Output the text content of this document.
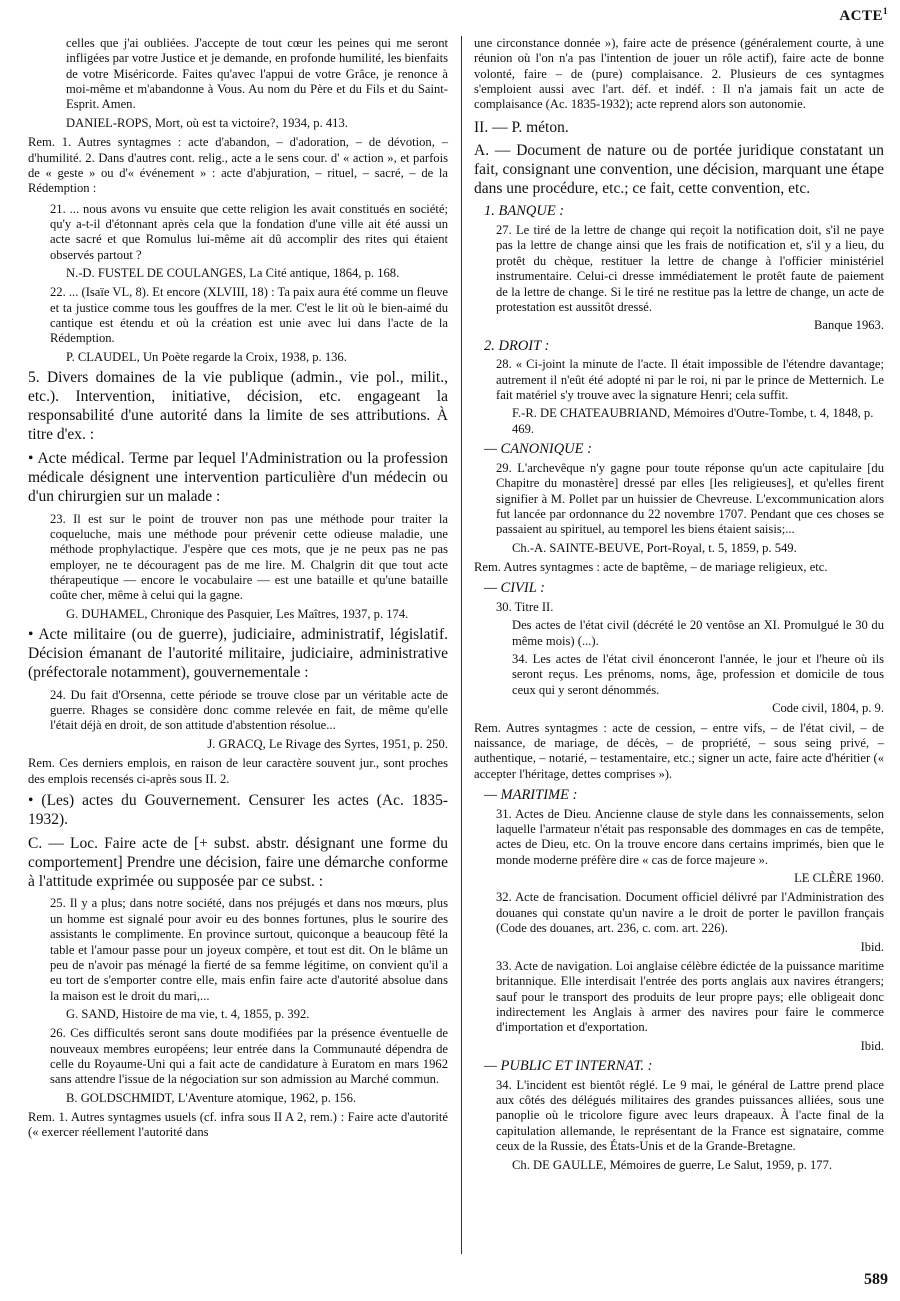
ACTE$^1$

celles que j'ai oubliées. J'accepte de tout cœur les peines qui me seront infligées par votre Justice et je demande, en profonde humilité, les bienfaits de votre Miséricorde. Faites qu'avec l'appui de votre Grâce, je renonce à moi-même et m'abandonne à Vous. Au nom du Père et du Fils et du Saint-Esprit. Amen.

DANIEL-ROPS, Mort, où est ta victoire?, 1934, p. 413.

Rem. 1. Autres syntagmes : acte d'abandon, – d'adoration, – de dévotion, – d'humilité. 2. Dans d'autres cont. relig., acte a le sens cour. d' « action », et parfois de « geste » ou d'« événement » : acte d'abjuration, – rituel, – sacré, – de la Rédemption :

21. ... nous avons vu ensuite que cette religion les avait constitués en société; qu'y a-t-il d'étonnant après cela que la fondation d'une ville ait été aussi un acte sacré et que Romulus lui-même ait dû accomplir des rites qui étaient observés partout ?

N.-D. FUSTEL DE COULANGES, La Cité antique, 1864, p. 168.

22. ... (Isaïe VL, 8). Et encore (XLVIII, 18) : Ta paix aura été comme un fleuve et ta justice comme tous les gouffres de la mer. C'est le lit où le bien-aimé du cantique est étendu et où la création est unie avec lui dans l'acte de la Rédemption.

P. CLAUDEL, Un Poète regarde la Croix, 1938, p. 136.

5. Divers domaines de la vie publique (admin., vie pol., milit., etc.). Intervention, initiative, décision, etc. engageant la responsabilité d'une autorité dans la limite de ses attributions. À titre d'ex. :

• Acte médical. Terme par lequel l'Administration ou la profession médicale désignent une intervention particulière d'un médecin ou d'un chirurgien sur un malade :

23. Il est sur le point de trouver non pas une méthode pour traiter la coqueluche, mais une méthode pour prévenir cette odieuse maladie, une méthode prophylactique. J'espère que ces mots, que je ne peux pas ne pas employer, ne te découragent pas de me lire. M. Chalgrin dit que tout acte thérapeutique — encore le vocabulaire — est une bataille et qu'une bataille coûte cher, même à celui qui la gagne.

G. DUHAMEL, Chronique des Pasquier, Les Maîtres, 1937, p. 174.

• Acte militaire (ou de guerre), judiciaire, administratif, législatif. Décision émanant de l'autorité militaire, judiciaire, administrative (préfectorale notamment), gouvernementale :

24. Du fait d'Orsenna, cette période se trouve close par un véritable acte de guerre. Rhages se considère donc comme relevée en fait, de même qu'elle l'était déjà en droit, de son attitude d'abstention résolue...

J. GRACQ, Le Rivage des Syrtes, 1951, p. 250.

Rem. Ces derniers emplois, en raison de leur caractère souvent jur., sont proches des emplois recensés ci-après sous II. 2.

• (Les) actes du Gouvernement. Censurer les actes (Ac. 1835-1932).

C. — Loc. Faire acte de [+ subst. abstr. désignant une forme du comportement] Prendre une décision, faire une démarche conforme à l'attitude exprimée ou supposée par ce subst. :

25. Il y a plus; dans notre société, dans nos préjugés et dans nos mœurs, plus un homme est signalé pour avoir eu des bonnes fortunes, plus le sourire des assistants le complimente. En province surtout, quiconque a beaucoup fêté la table et l'amour passe pour un joyeux compère, et tout est dit. On le blâme un peu de n'avoir pas ménagé la fierté de sa femme légitime, on convient qu'il a eu tort de s'emporter contre elle, mais enfin faire acte d'autorité absolue dans la maison est le droit du mari,...

G. SAND, Histoire de ma vie, t. 4, 1855, p. 392.

26. Ces difficultés seront sans doute modifiées par la présence éventuelle de nouveaux membres européens; leur entrée dans la Communauté dépendra de celle du Royaume-Uni qui a fait acte de candidature à Euratom en mars 1962 sans attendre l'issue de la négociation sur son admission au Marché commun.

B. GOLDSCHMIDT, L'Aventure atomique, 1962, p. 156.

Rem. 1. Autres syntagmes usuels (cf. infra sous II A 2, rem.) : Faire acte d'autorité (« exercer réellement l'autorité dans

une circonstance donnée »), faire acte de présence (généralement courte, à une réunion où l'on n'a pas l'intention de jouer un rôle actif), faire acte de bonne volonté, faire – de (pure) complaisance. 2. Plusieurs de ces syntagmes s'emploient aussi avec l'art. déf. et indéf. : Il n'a jamais fait un acte de complaisance (Ac. 1835-1932); acte reprend alors son autonomie.

II. — P. méton.

A. — Document de nature ou de portée juridique constatant un fait, consignant une convention, une décision, marquant une étape dans une procédure, etc.; ce fait, cette convention, etc.

1. BANQUE :

27. Le tiré de la lettre de change qui reçoit la notification doit, s'il ne paye pas la lettre de change ainsi que les frais de notification et, s'il y a lieu, du protêt du chèque, restituer la lettre de change à l'officier ministériel instrumentaire. Celui-ci dresse immédiatement le protêt faute de paiement de la lettre de change. Si le tiré ne restitue pas la lettre de change, un acte de protestation est aussitôt dressé.

Banque 1963.

2. DROIT :

28. « Ci-joint la minute de l'acte. Il était impossible de l'étendre davantage; autrement il n'eût été adopté ni par le roi, ni par le prince de Metternich. Le fait matériel s'y trouve avec la signature Henri; cela suffit.

F.-R. DE CHATEAUBRIAND, Mémoires d'Outre-Tombe, t. 4, 1848, p. 469.

— CANONIQUE :

29. L'archevêque n'y gagne pour toute réponse qu'un acte capitulaire [du Chapitre du monastère] dressé par elles [les religieuses], et qu'elles firent signifier à M. Pollet par un huissier de Chevreuse. L'excommunication alors fut lancée par ordonnance du 22 novembre 1707. Pendant que ces choses se passaient au spirituel, au temporel les biens étaient saisis;...

Ch.-A. SAINTE-BEUVE, Port-Royal, t. 5, 1859, p. 549.

Rem. Autres syntagmes : acte de baptême, – de mariage religieux, etc.

— CIVIL :

30. Titre II.

Des actes de l'état civil (décrété le 20 ventôse an XI. Promulgué le 30 du même mois) (...).

34. Les actes de l'état civil énonceront l'année, le jour et l'heure où ils seront reçus. Les prénoms, noms, âge, profession et domicile de tous ceux qui y seront dénommés.

Code civil, 1804, p. 9.

Rem. Autres syntagmes : acte de cession, – entre vifs, – de l'état civil, – de naissance, de mariage, de décès, – de propriété, – sous seing privé, – authentique, – notarié, – testamentaire, etc.; signer un acte, faire acte d'héritier (« accepter l'héritage, dettes comprises »).

— MARITIME :

31. Actes de Dieu. Ancienne clause de style dans les connaissements, selon laquelle l'armateur n'était pas responsable des dommages en cas de tempête, actes de Dieu, etc. On la trouve encore dans certains imprimés, bien que le monde moderne préfère dire « cas de force majeure ».

LE CLÈRE 1960.

32. Acte de francisation. Document officiel délivré par l'Administration des douanes qui constate qu'un navire a le droit de porter le pavillon français (Code des douanes, art. 236, c. com. art. 226).

Ibid.

33. Acte de navigation. Loi anglaise célèbre édictée de la puissance maritime britannique. Elle interdisait l'entrée des ports anglais aux navires étrangers; sauf pour le transport des produits de leur propre pays; elle obligeait donc indirectement les Anglais à armer des navires pour faire le commerce d'importation et d'exportation.

Ibid.

— PUBLIC ET INTERNAT. :

34. L'incident est bientôt réglé. Le 9 mai, le général de Lattre prend place aux côtés des délégués militaires des grandes puissances alliées, sous une panoplie où le tricolore figure avec leurs drapeaux. À l'acte final de la capitulation allemande, le représentant de la France est signataire, comme ceux de la Russie, des États-Unis et de la Grande-Bretagne.

Ch. DE GAULLE, Mémoires de guerre, Le Salut, 1959, p. 177.

589
